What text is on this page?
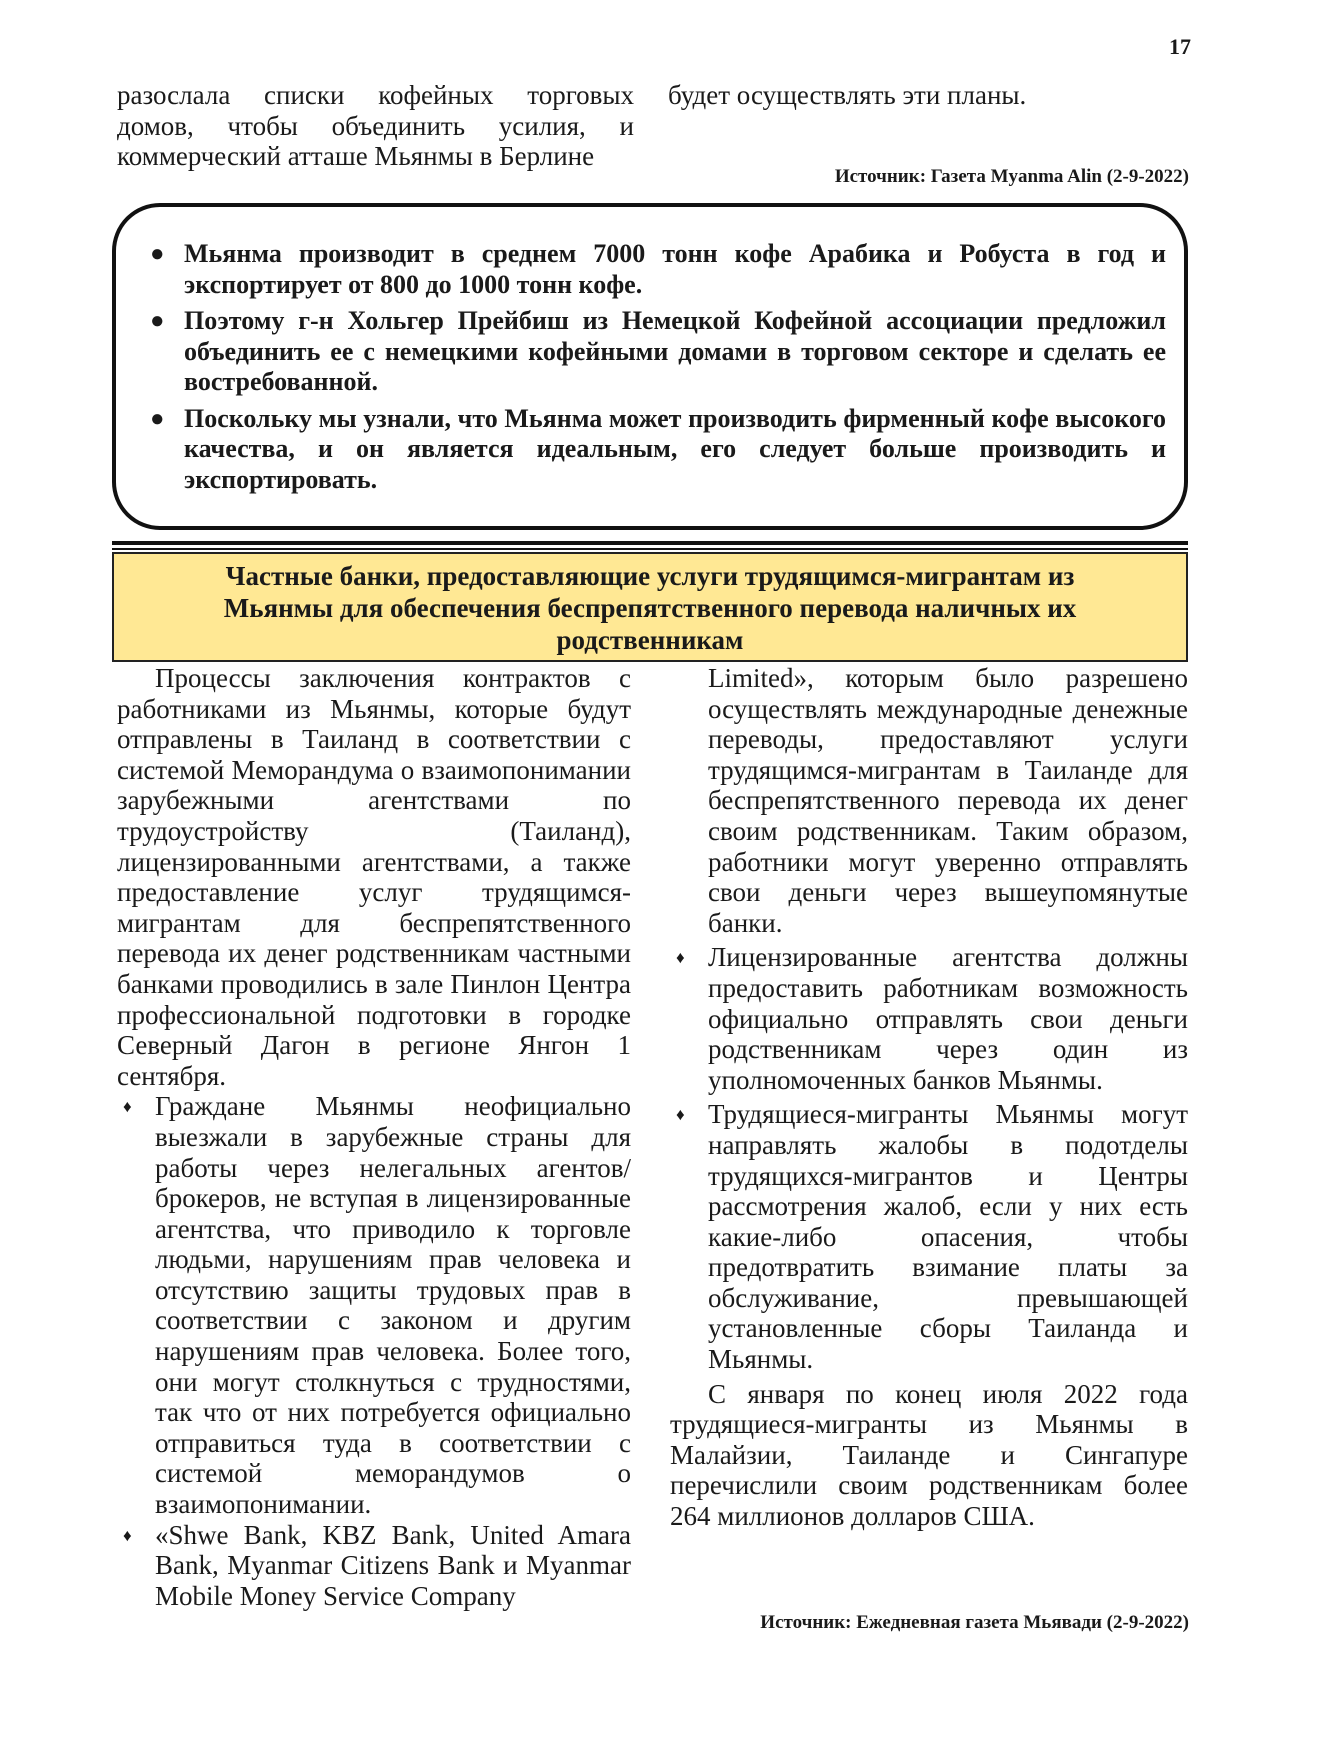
17

разослала списки кофейных торговых домов, чтобы объединить усилия, и коммерческий атташе Мьянмы в Берлине

будет осуществлять эти планы.

Источник: Газета Myanma Alin (2-9-2022)
● Мьянма производит в среднем 7000 тонн кофе Арабика и Робуста в год и экспортирует от 800 до 1000 тонн кофе.
● Поэтому г-н Хольгер Прейбиш из Немецкой Кофейной ассоциации предложил объединить ее с немецкими кофейными домами в торговом секторе и сделать ее востребованной.
● Поскольку мы узнали, что Мьянма может производить фирменный кофе высокого качества, и он является идеальным, его следует больше производить и экспортировать.
Частные банки, предоставляющие услуги трудящимся-мигрантам из
Мьянмы для обеспечения беспрепятственного перевода наличных их
родственникам

Процессы заключения контрактов с работниками из Мьянмы, которые будут отправлены в Таиланд в соответствии с системой Меморандума о взаимопонимании зарубежными агентствами по трудоустройству (Таиланд), лицензированными агентствами, а также предоставление услуг трудящимся-мигрантам для беспрепятственного перевода их денег родственникам частными банками проводились в зале Пинлон Центра профессиональной подготовки в городке Северный Дагон в регионе Янгон 1 сентября.

♦ Граждане Мьянмы неофициально выезжали в зарубежные страны для работы через нелегальных агентов/брокеров, не вступая в лицензированные агентства, что приводило к торговле людьми, нарушениям прав человека и отсутствию защиты трудовых прав в соответствии с законом и другим нарушениям прав человека. Более того, они могут столкнуться с трудностями, так что от них потребуется официально отправиться туда в соответствии с системой меморандумов о взаимопонимании.
♦ «Shwe Bank, KBZ Bank, United Amara Bank, Myanmar Citizens Bank и Myanmar Mobile Money Service Company
Limited», которым было разрешено осуществлять международные денежные переводы, предоставляют услуги трудящимся-мигрантам в Таиланде для беспрепятственного перевода их денег своим родственникам. Таким образом, работники могут уверенно отправлять свои деньги через вышеупомянутые банки.
♦ Лицензированные агентства должны предоставить работникам возможность официально отправлять свои деньги родственникам через один из уполномоченных банков Мьянмы.
♦ Трудящиеся-мигранты Мьянмы могут направлять жалобы в подотделы трудящихся-мигрантов и Центры рассмотрения жалоб, если у них есть какие-либо опасения, чтобы предотвратить взимание платы за обслуживание, превышающей установленные сборы Таиланда и Мьянмы.

С января по конец июля 2022 года трудящиеся-мигранты из Мьянмы в Малайзии, Таиланде и Сингапуре перечислили своим родственникам более 264 миллионов долларов США.

Источник: Ежедневная газета Мьявади (2-9-2022)
